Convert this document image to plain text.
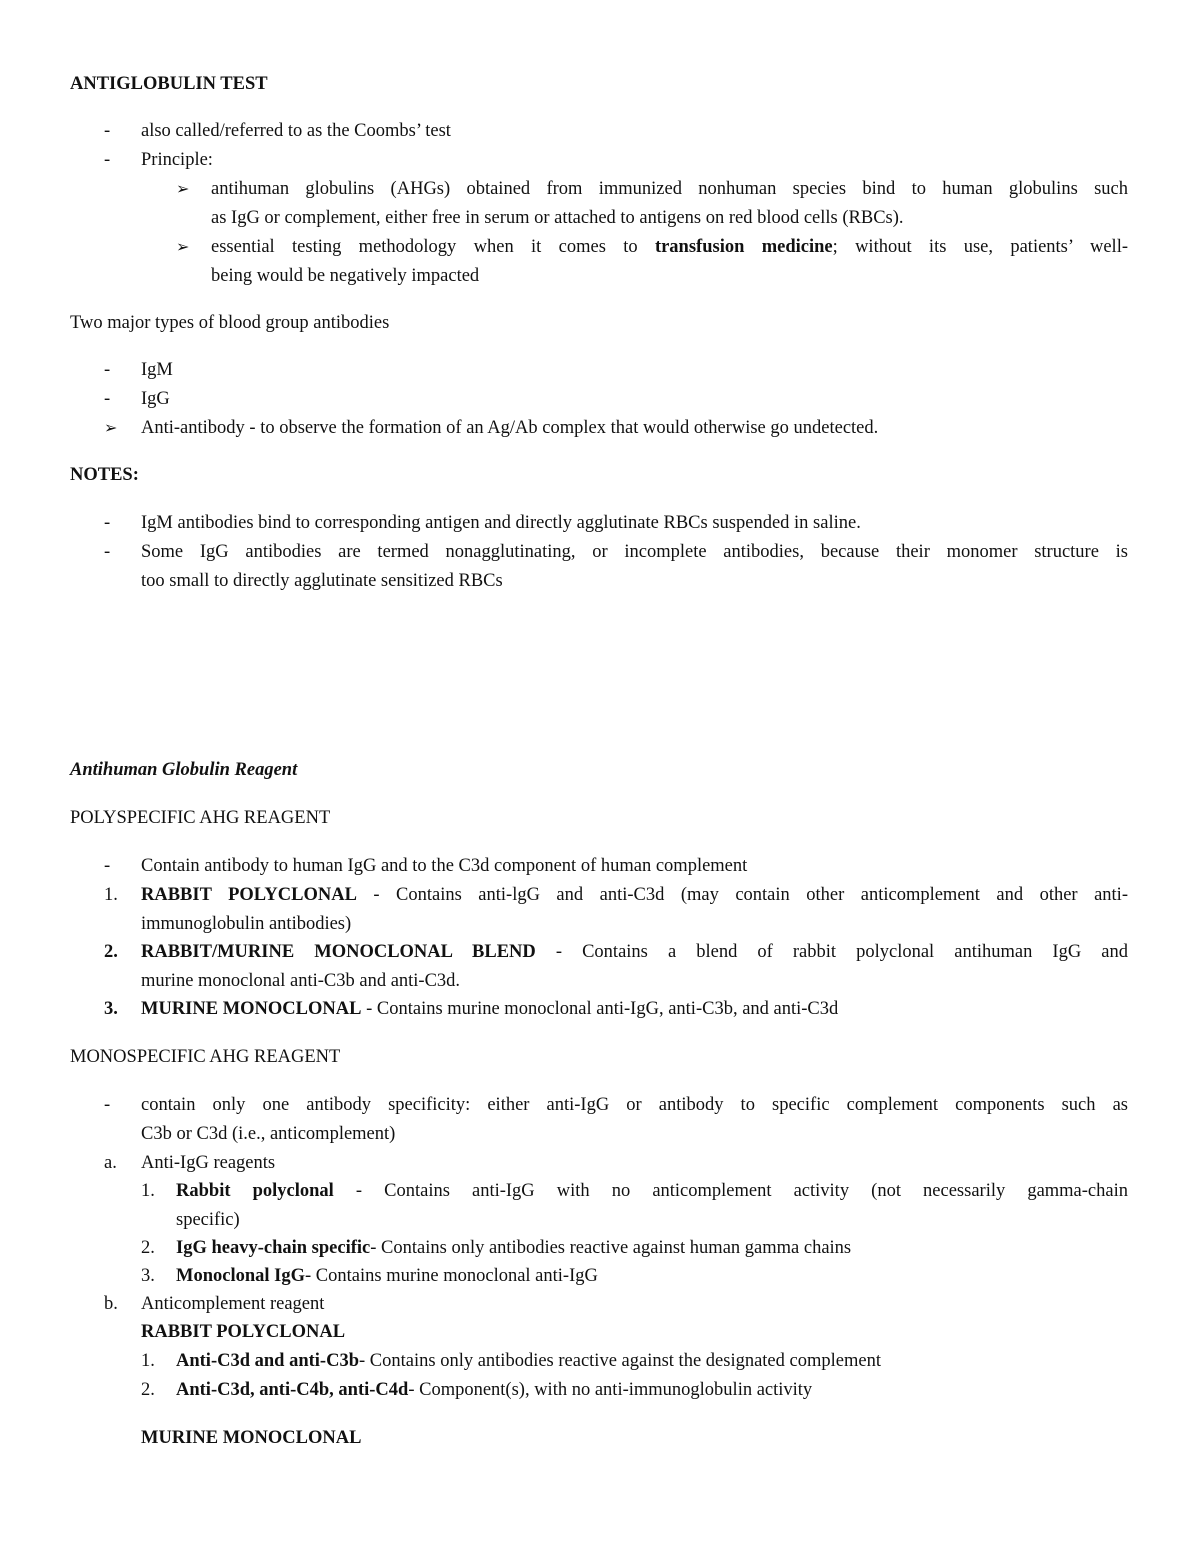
ANTIGLOBULIN TEST
- also called/referred to as the Coombs’ test
- Principle:
➢ antihuman globulins (AHGs) obtained from immunized nonhuman species bind to human globulins such
as IgG or complement, either free in serum or attached to antigens on red blood cells (RBCs).
➢ essential testing methodology when it comes to transfusion medicine; without its use, patients’ well-
being would be negatively impacted
Two major types of blood group antibodies
- IgM
- IgG
➢ Anti-antibody - to observe the formation of an Ag/Ab complex that would otherwise go undetected.
NOTES:
- IgM antibodies bind to corresponding antigen and directly agglutinate RBCs suspended in saline.
- Some IgG antibodies are termed nonagglutinating, or incomplete antibodies, because their monomer structure is
too small to directly agglutinate sensitized RBCs
Antihuman Globulin Reagent
POLYSPECIFIC AHG REAGENT
- Contain antibody to human IgG and to the C3d component of human complement
1. RABBIT POLYCLONAL - Contains anti-lgG and anti-C3d (may contain other anticomplement and other anti-
immunoglobulin antibodies)
2. RABBIT/MURINE MONOCLONAL BLEND - Contains a blend of rabbit polyclonal antihuman IgG and
murine monoclonal anti-C3b and anti-C3d.
3. MURINE MONOCLONAL - Contains murine monoclonal anti-IgG, anti-C3b, and anti-C3d
MONOSPECIFIC AHG REAGENT
- contain only one antibody specificity: either anti-IgG or antibody to specific complement components such as
C3b or C3d (i.e., anticomplement)
a. Anti-IgG reagents
1. Rabbit polyclonal - Contains anti-IgG with no anticomplement activity (not necessarily gamma-chain
specific)
2. IgG heavy-chain specific- Contains only antibodies reactive against human gamma chains
3. Monoclonal IgG- Contains murine monoclonal anti-IgG
b. Anticomplement reagent
RABBIT POLYCLONAL
1. Anti-C3d and anti-C3b- Contains only antibodies reactive against the designated complement
2. Anti-C3d, anti-C4b, anti-C4d- Component(s), with no anti-immunoglobulin activity
MURINE MONOCLONAL
